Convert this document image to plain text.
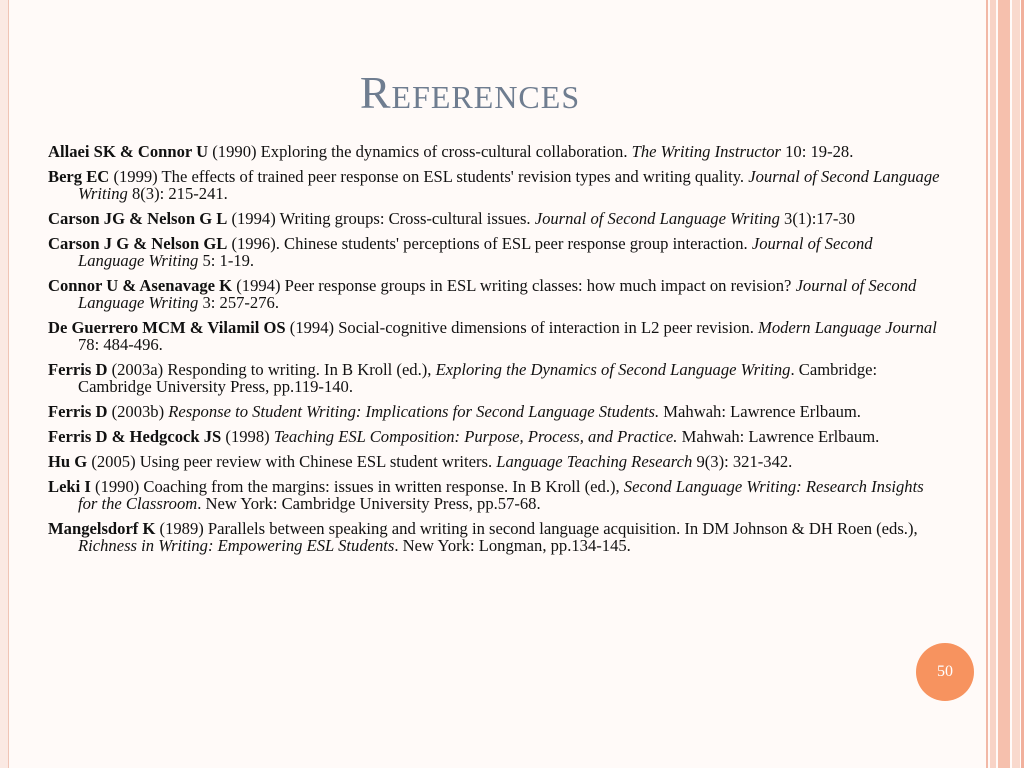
References
Allaei SK & Connor U (1990) Exploring the dynamics of cross-cultural collaboration. The Writing Instructor 10: 19-28.
Berg EC (1999) The effects of trained peer response on ESL students' revision types and writing quality. Journal of Second Language Writing 8(3): 215-241.
Carson JG & Nelson G L (1994) Writing groups: Cross-cultural issues. Journal of Second Language Writing 3(1):17-30
Carson J G & Nelson GL (1996). Chinese students' perceptions of ESL peer response group interaction. Journal of Second Language Writing 5: 1-19.
Connor U & Asenavage K (1994) Peer response groups in ESL writing classes: how much impact on revision? Journal of Second Language Writing 3: 257-276.
De Guerrero MCM & Vilamil OS (1994) Social-cognitive dimensions of interaction in L2 peer revision. Modern Language Journal 78: 484-496.
Ferris D (2003a) Responding to writing. In B Kroll (ed.), Exploring the Dynamics of Second Language Writing. Cambridge: Cambridge University Press, pp.119-140.
Ferris D (2003b) Response to Student Writing: Implications for Second Language Students. Mahwah: Lawrence Erlbaum.
Ferris D & Hedgcock JS (1998) Teaching ESL Composition: Purpose, Process, and Practice. Mahwah: Lawrence Erlbaum.
Hu G (2005) Using peer review with Chinese ESL student writers. Language Teaching Research 9(3): 321-342.
Leki I (1990) Coaching from the margins: issues in written response. In B Kroll (ed.), Second Language Writing: Research Insights for the Classroom. New York: Cambridge University Press, pp.57-68.
Mangelsdorf K (1989) Parallels between speaking and writing in second language acquisition. In DM Johnson & DH Roen (eds.), Richness in Writing: Empowering ESL Students. New York: Longman, pp.134-145.
50
